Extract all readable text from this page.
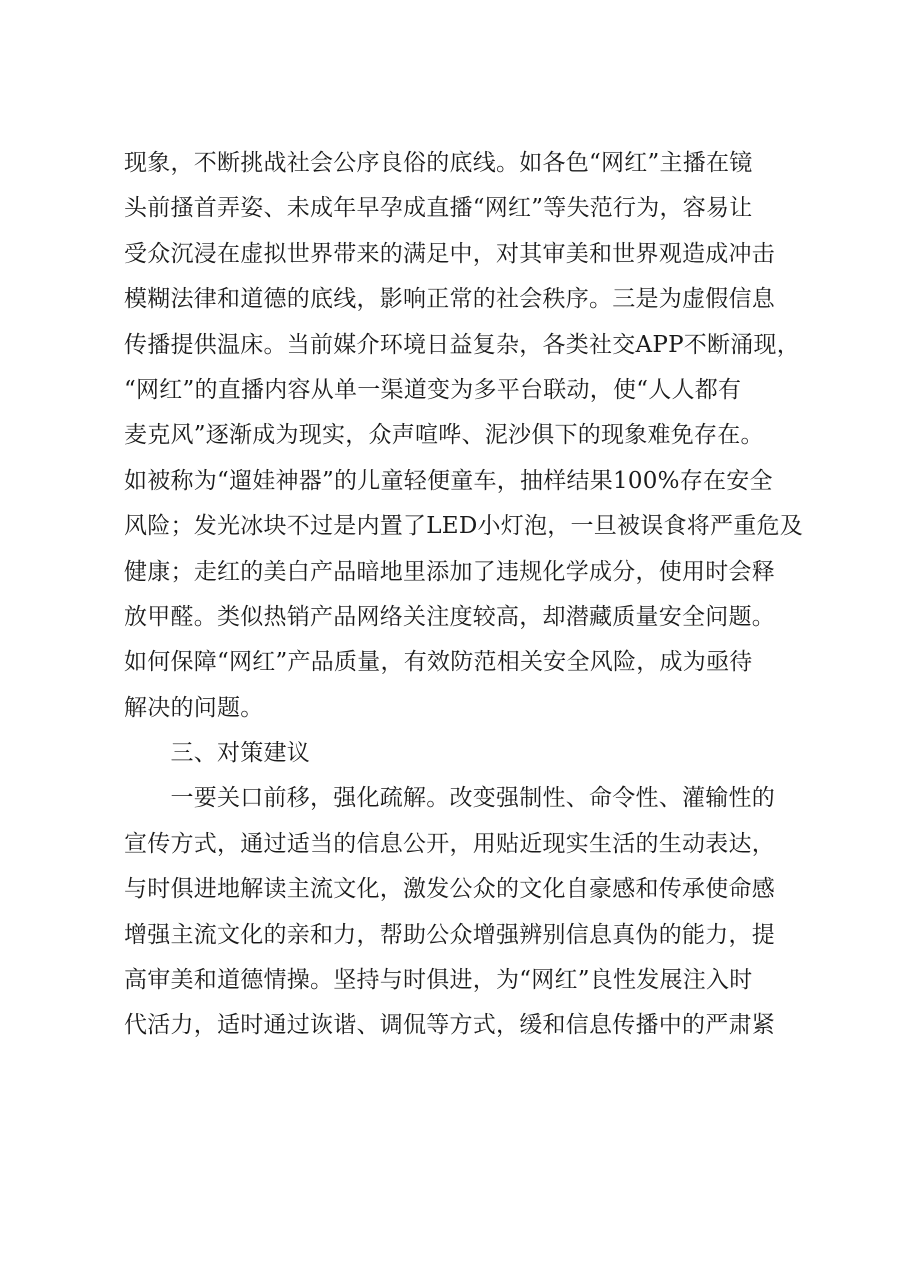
现象，不断挑战社会公序良俗的底线。如各色“网红”主播在镜
头前搔首弄姿、未成年早孕成直播“网红”等失范行为，容易让
受众沉浸在虚拟世界带来的满足中，对其审美和世界观造成冲击
模糊法律和道德的底线，影响正常的社会秩序。三是为虚假信息
传播提供温床。当前媒介环境日益复杂，各类社交APP不断涌现，
“网红”的直播内容从单一渠道变为多平台联动，使“人人都有
麦克风”逐渐成为现实，众声喧哗、泥沙俱下的现象难免存在。
如被称为“遛娃神器”的儿童轻便童车，抽样结果100%存在安全
风险；发光冰块不过是内置了LED小灯泡，一旦被误食将严重危及
健康；走红的美白产品暗地里添加了违规化学成分，使用时会释
放甲醛。类似热销产品网络关注度较高，却潜藏质量安全问题。
如何保障“网红”产品质量，有效防范相关安全风险，成为亟待
解决的问题。
　　三、对策建议
　　一要关口前移，强化疏解。改变强制性、命令性、灌输性的
宣传方式，通过适当的信息公开，用贴近现实生活的生动表达，
与时俱进地解读主流文化，激发公众的文化自豪感和传承使命感
增强主流文化的亲和力，帮助公众增强辨别信息真伪的能力，提
高审美和道德情操。坚持与时俱进，为“网红”良性发展注入时
代活力，适时通过诙谐、调侃等方式，缓和信息传播中的严肃紧
